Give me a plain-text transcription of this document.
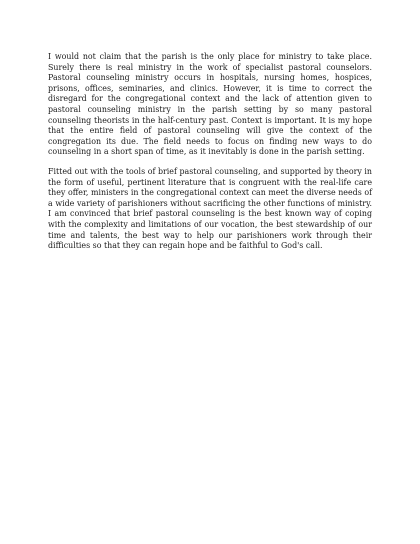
I would not claim that the parish is the only place for ministry to take place. Surely there is real ministry in the work of specialist pastoral counselors. Pastoral counseling ministry occurs in hospitals, nursing homes, hospices, prisons, offices, seminaries, and clinics. However, it is time to correct the disregard for the congregational context and the lack of attention given to pastoral counseling ministry in the parish setting by so many pastoral counseling theorists in the half-century past. Context is important. It is my hope that the entire field of pastoral counseling will give the context of the congregation its due. The field needs to focus on finding new ways to do counseling in a short span of time, as it inevitably is done in the parish setting.

Fitted out with the tools of brief pastoral counseling, and supported by theory in the form of useful, pertinent literature that is congruent with the real-life care they offer, ministers in the congregational context can meet the diverse needs of a wide variety of parishioners without sacrificing the other functions of ministry. I am convinced that brief pastoral counseling is the best known way of coping with the complexity and limitations of our vocation, the best stewardship of our time and talents, the best way to help our parishioners work through their difficulties so that they can regain hope and be faithful to God's call.
